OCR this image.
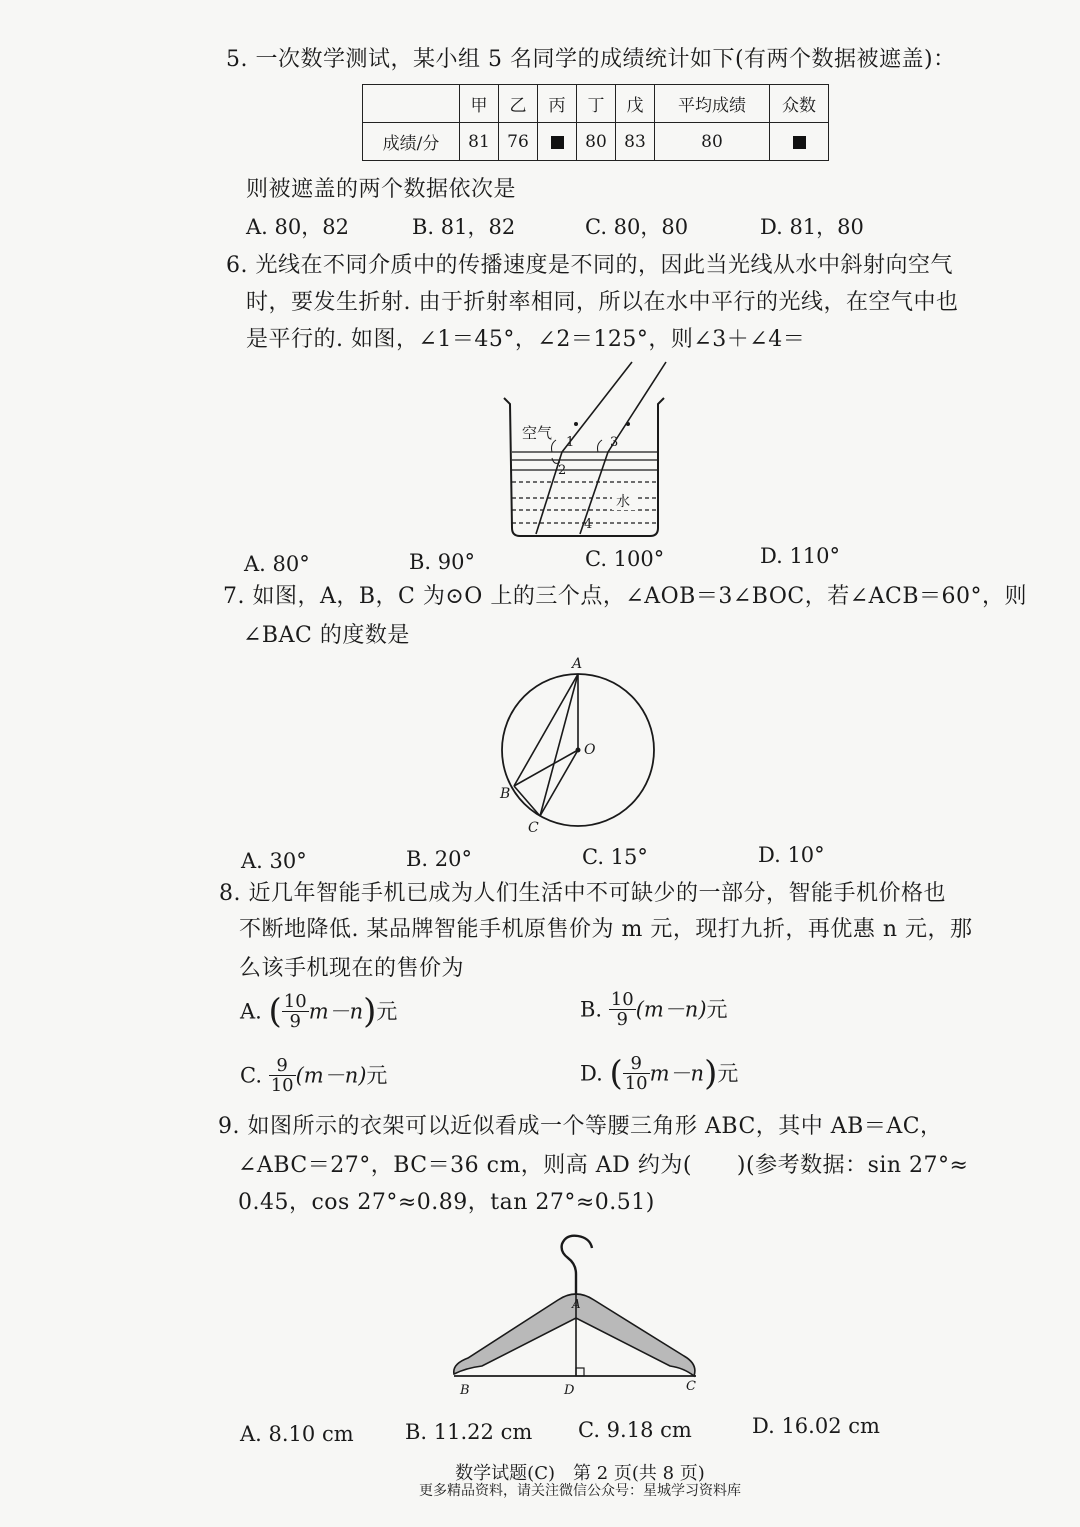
5. 一次数学测试，某小组 5 名同学的成绩统计如下(有两个数据被遮盖)：
	甲	乙	丙	丁	戊	平均成绩	众数
成绩/分	81	76		80	83	80	
则被遮盖的两个数据依次是
A. 80，82	B. 81，82	C. 80，80	D. 81，80
6. 光线在不同介质中的传播速度是不同的，因此当光线从水中斜射向空气
时，要发生折射. 由于折射率相同，所以在水中平行的光线，在空气中也
是平行的. 如图，∠1＝45°，∠2＝125°，则∠3＋∠4＝
空气
1
2
3
4
水
A. 80°	B. 90°	C. 100°	D. 110°
7. 如图，A，B，C 为⊙O 上的三个点，∠AOB＝3∠BOC，若∠ACB＝60°，则
∠BAC 的度数是
A
O
B
C
A. 30°	B. 20°	C. 15°	D. 10°
8. 近几年智能手机已成为人们生活中不可缺少的一部分，智能手机价格也
不断地降低. 某品牌智能手机原售价为 m 元，现打九折，再优惠 n 元，那
么该手机现在的售价为
A. ( $\frac{10}{9} m-n$)元	B. $\frac{10}{9} (m-n)$元
C. $\frac{9}{10} (m-n)$元	D. ( $\frac{9}{10} m-n$)元
9. 如图所示的衣架可以近似看成一个等腰三角形 ABC，其中 AB＝AC，
∠ABC＝27°，BC＝36 cm，则高 AD 约为(　　)(参考数据：sin 27°≈
0.45，cos 27°≈0.89，tan 27°≈0.51)
A
B	D	C
A. 8.10 cm B. 11.22 cm C. 9.18 cm	D. 16.02 cm
数学试题(C)　第 2 页(共 8 页)
更多精品资料，请关注微信公众号：星城学习资料库
